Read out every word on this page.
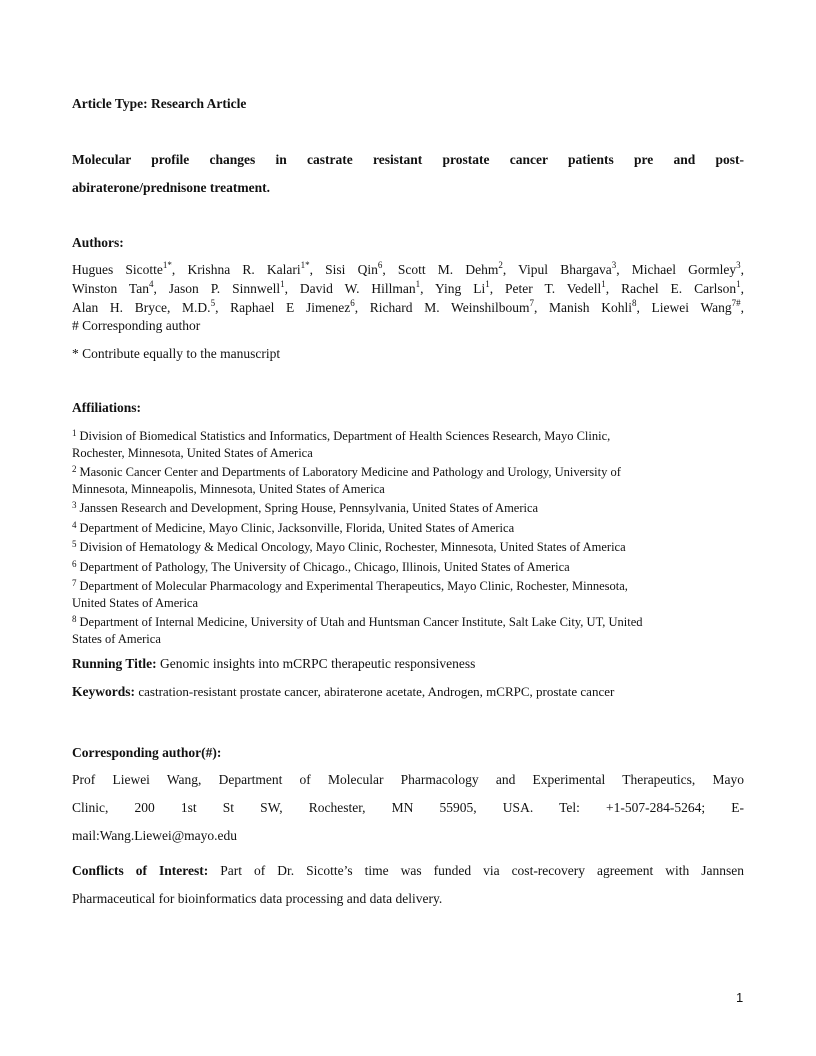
Article Type: Research Article
Molecular profile changes in castrate resistant prostate cancer patients pre and post-
abiraterone/prednisone treatment.
Authors:
Hugues Sicotte$^{1*}$, Krishna R. Kalari$^{1*}$, Sisi Qin$^6$, Scott M. Dehm$^2$, Vipul Bhargava$^3$, Michael Gormley$^3$,
Winston Tan$^4$, Jason P. Sinnwell$^1$, David W. Hillman$^1$, Ying Li$^1$, Peter T. Vedell$^1$, Rachel E. Carlson$^1$,
Alan H. Bryce, M.D.$^5$, Raphael E Jimenez$^6$, Richard M. Weinshilboum$^7$, Manish Kohli$^8$, Liewei Wang$^{7\#}$,
# Corresponding author
* Contribute equally to the manuscript
Affiliations:
$^1$ Division of Biomedical Statistics and Informatics, Department of Health Sciences Research, Mayo Clinic,
Rochester, Minnesota, United States of America
$^2$ Masonic Cancer Center and Departments of Laboratory Medicine and Pathology and Urology, University of
Minnesota, Minneapolis, Minnesota, United States of America
$^3$ Janssen Research and Development, Spring House, Pennsylvania, United States of America
$^4$ Department of Medicine, Mayo Clinic, Jacksonville, Florida, United States of America
$^5$ Division of Hematology & Medical Oncology, Mayo Clinic, Rochester, Minnesota, United States of America
$^6$ Department of Pathology, The University of Chicago., Chicago, Illinois, United States of America
$^7$ Department of Molecular Pharmacology and Experimental Therapeutics, Mayo Clinic, Rochester, Minnesota,
United States of America
$^8$ Department of Internal Medicine, University of Utah and Huntsman Cancer Institute, Salt Lake City, UT, United
States of America
Running Title: Genomic insights into mCRPC therapeutic responsiveness
Keywords: castration-resistant prostate cancer, abiraterone acetate, Androgen, mCRPC, prostate cancer
Corresponding author(#):
Prof Liewei Wang, Department of Molecular Pharmacology and Experimental Therapeutics, Mayo
Clinic, 200 1st St SW, Rochester, MN 55905, USA. Tel: +1-507-284-5264; E-
mail:Wang.Liewei@mayo.edu
Conflicts of Interest: Part of Dr. Sicotte’s time was funded via cost-recovery agreement with Jannsen
Pharmaceutical for bioinformatics data processing and data delivery.
1
